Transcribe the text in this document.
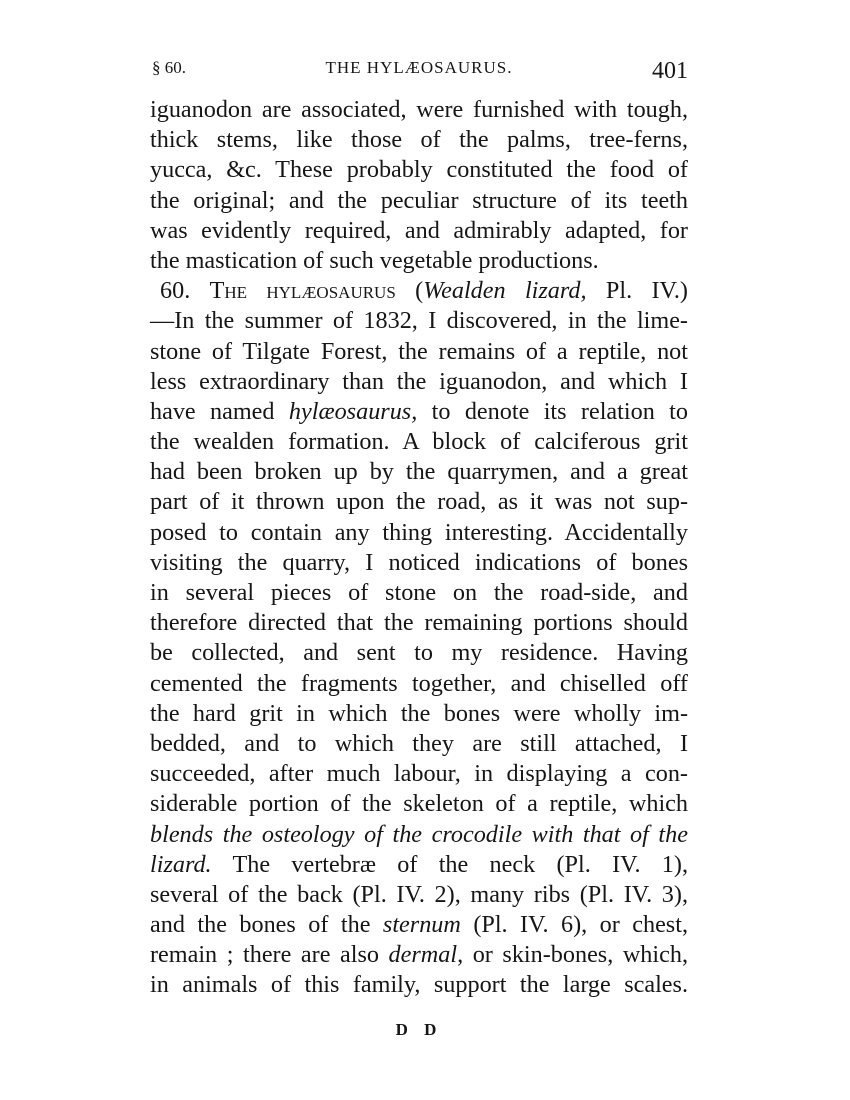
§ 60.	THE HYLÆOSAURUS.	401
iguanodon are associated, were furnished with tough,
thick stems, like those of the palms, tree-ferns,
yucca, &c. These probably constituted the food of
the original; and the peculiar structure of its teeth
was evidently required, and admirably adapted, for
the mastication of such vegetable productions.
60. The hylæosaurus (Wealden lizard, Pl. IV.)
—In the summer of 1832, I discovered, in the lime-
stone of Tilgate Forest, the remains of a reptile, not
less extraordinary than the iguanodon, and which I
have named hylæosaurus, to denote its relation to
the wealden formation. A block of calciferous grit
had been broken up by the quarrymen, and a great
part of it thrown upon the road, as it was not sup-
posed to contain any thing interesting. Accidentally
visiting the quarry, I noticed indications of bones
in several pieces of stone on the road-side, and
therefore directed that the remaining portions should
be collected, and sent to my residence. Having
cemented the fragments together, and chiselled off
the hard grit in which the bones were wholly im-
bedded, and to which they are still attached, I
succeeded, after much labour, in displaying a con-
siderable portion of the skeleton of a reptile, which
blends the osteology of the crocodile with that of the
lizard. The vertebræ of the neck (Pl. IV. 1),
several of the back (Pl. IV. 2), many ribs (Pl. IV. 3),
and the bones of the sternum (Pl. IV. 6), or chest,
remain ; there are also dermal, or skin-bones, which,
in animals of this family, support the large scales.
D D
